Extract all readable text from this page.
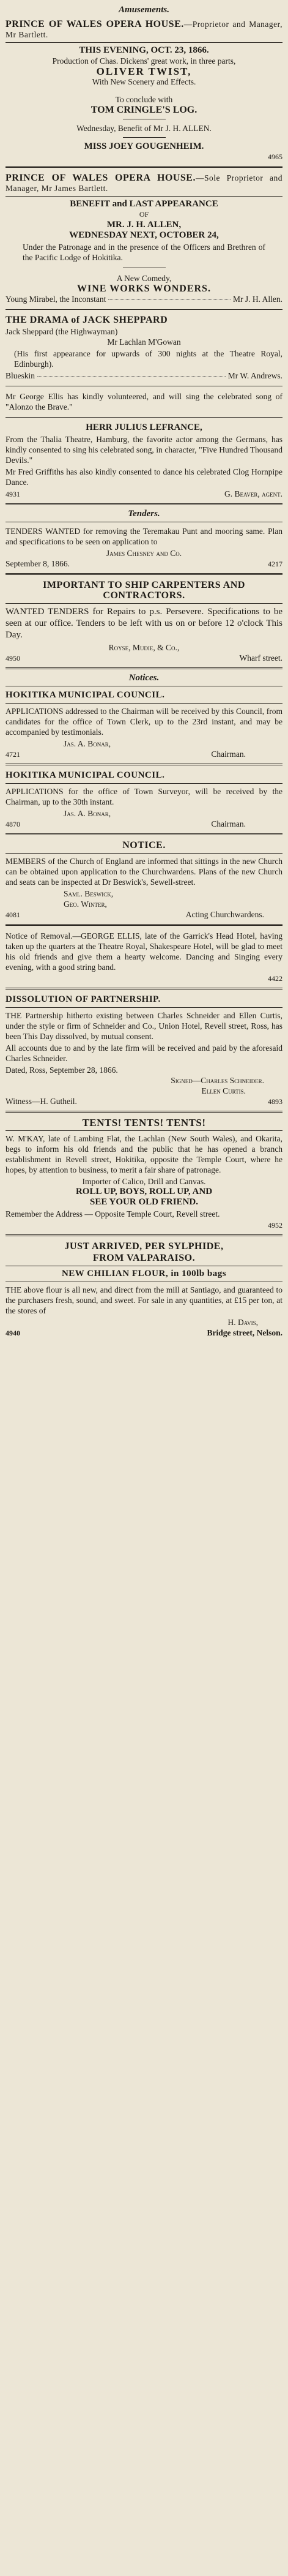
Amusements.
PRINCE OF WALES OPERA HOUSE.—Proprietor and Manager, Mr Bartlett.
THIS EVENING, OCT. 23, 1866.
Production of Chas. Dickens' great work, in three parts,
OLIVER TWIST,
With New Scenery and Effects.
To conclude with
TOM CRINGLE'S LOG.
Wednesday, Benefit of Mr J. H. ALLEN.
MISS JOEY GOUGENHEIM.
4965
PRINCE OF WALES OPERA HOUSE.—Sole Proprietor and Manager, Mr James Bartlett.
BENEFIT and LAST APPEARANCE
OF
MR. J. H. ALLEN,
WEDNESDAY NEXT, OCTOBER 24,
Under the Patronage and in the presence of the Officers and Brethren of the Pacific Lodge of Hokitika.
A New Comedy,
WINE WORKS WONDERS.
Young Mirabel, the Inconstant	Mr J. H. Allen.
THE DRAMA of JACK SHEPPARD
Jack Sheppard (the Highwayman)
Mr Lachlan M'Gowan
(His first appearance for upwards of 300 nights at the Theatre Royal, Edinburgh).
Blueskin	Mr W. Andrews.
Mr George Ellis has kindly volunteered, and will sing the celebrated song of "Alonzo the Brave."
HERR JULIUS LEFRANCE,
From the Thalia Theatre, Hamburg, the favorite actor among the Germans, has kindly consented to sing his celebrated song, in character, "Five Hundred Thousand Devils."
Mr Fred Griffiths has also kindly consented to dance his celebrated Clog Hornpipe Dance.
4931	G. Beaver, agent.
Tenders.
TENDERS WANTED for removing the Teremakau Punt and mooring same. Plan and specifications to be seen on application to
James Chesney and Co.
September 8, 1866.	4217
IMPORTANT TO SHIP CARPENTERS AND CONTRACTORS.
WANTED TENDERS for Repairs to p.s. Persevere. Specifications to be seen at our office. Tenders to be left with us on or before 12 o'clock This Day.
Royse, Mudie, & Co.,
4950	Wharf street.
Notices.
HOKITIKA MUNICIPAL COUNCIL.
APPLICATIONS addressed to the Chairman will be received by this Council, from candidates for the office of Town Clerk, up to the 23rd instant, and may be accompanied by testimonials.
Jas. A. Bonar,
4721	Chairman.
HOKITIKA MUNICIPAL COUNCIL.
APPLICATIONS for the office of Town Surveyor, will be received by the Chairman, up to the 30th instant.
Jas. A. Bonar,
4870	Chairman.
NOTICE.
MEMBERS of the Church of England are informed that sittings in the new Church can be obtained upon application to the Churchwardens. Plans of the new Church and seats can be inspected at Dr Beswick's, Sewell-street.
Saml. Beswick,
Geo. Winter,
4081	Acting Churchwardens.
Notice of Removal.—GEORGE ELLIS, late of the Garrick's Head Hotel, having taken up the quarters at the Theatre Royal, Shakespeare Hotel, will be glad to meet his old friends and give them a hearty welcome. Dancing and Singing every evening, with a good string band.
4422
DISSOLUTION OF PARTNERSHIP.
THE Partnership hitherto existing between Charles Schneider and Ellen Curtis, under the style or firm of Schneider and Co., Union Hotel, Revell street, Ross, has been This Day dissolved, by mutual consent.
All accounts due to and by the late firm will be received and paid by the aforesaid Charles Schneider.
Dated, Ross, September 28, 1866.
Signed—Charles Schneider.
Ellen Curtis.
Witness—H. Gutheil.	4893
TENTS! TENTS! TENTS!
W. M'KAY, late of Lambing Flat, the Lachlan (New South Wales), and Okarita, begs to inform his old friends and the public that he has opened a branch establishment in Revell street, Hokitika, opposite the Temple Court, where he hopes, by attention to business, to merit a fair share of patronage.
Importer of Calico, Drill and Canvas.
ROLL UP, BOYS, ROLL UP, AND
SEE YOUR OLD FRIEND.
Remember the Address — Opposite Temple Court, Revell street.
4952
JUST ARRIVED, PER SYLPHIDE,
FROM VALPARAISO.
NEW CHILIAN FLOUR, in 100lb bags
THE above flour is all new, and direct from the mill at Santiago, and guaranteed to the purchasers fresh, sound, and sweet. For sale in any quantities, at £15 per ton, at the stores of
H. Davis,
4940	Bridge street, Nelson.
